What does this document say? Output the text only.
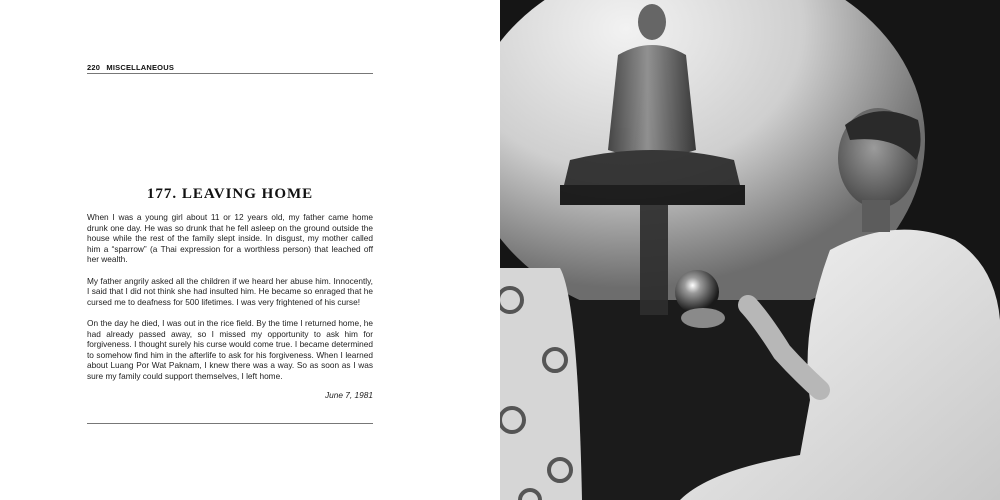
220 MISCELLANEOUS
177. LEAVING HOME

When I was a young girl about 11 or 12 years old, my father came home drunk one day. He was so drunk that he fell asleep on the ground outside the house while the rest of the family slept inside. In disgust, my mother called him a “sparrow” (a Thai expression for a worthless person) that leached off her wealth.

My father angrily asked all the children if we heard her abuse him. Innocently, I said that I did not think she had insulted him. He became so enraged that he cursed me to deafness for 500 lifetimes. I was very frightened of his curse!

On the day he died, I was out in the rice field. By the time I returned home, he had already passed away, so I missed my opportunity to ask him for forgiveness. I thought surely his curse would come true. I became determined to somehow find him in the afterlife to ask for his forgiveness. When I learned about Luang Por Wat Paknam, I knew there was a way. So as soon as I was sure my family could support themselves, I left home.

June 7, 1981
